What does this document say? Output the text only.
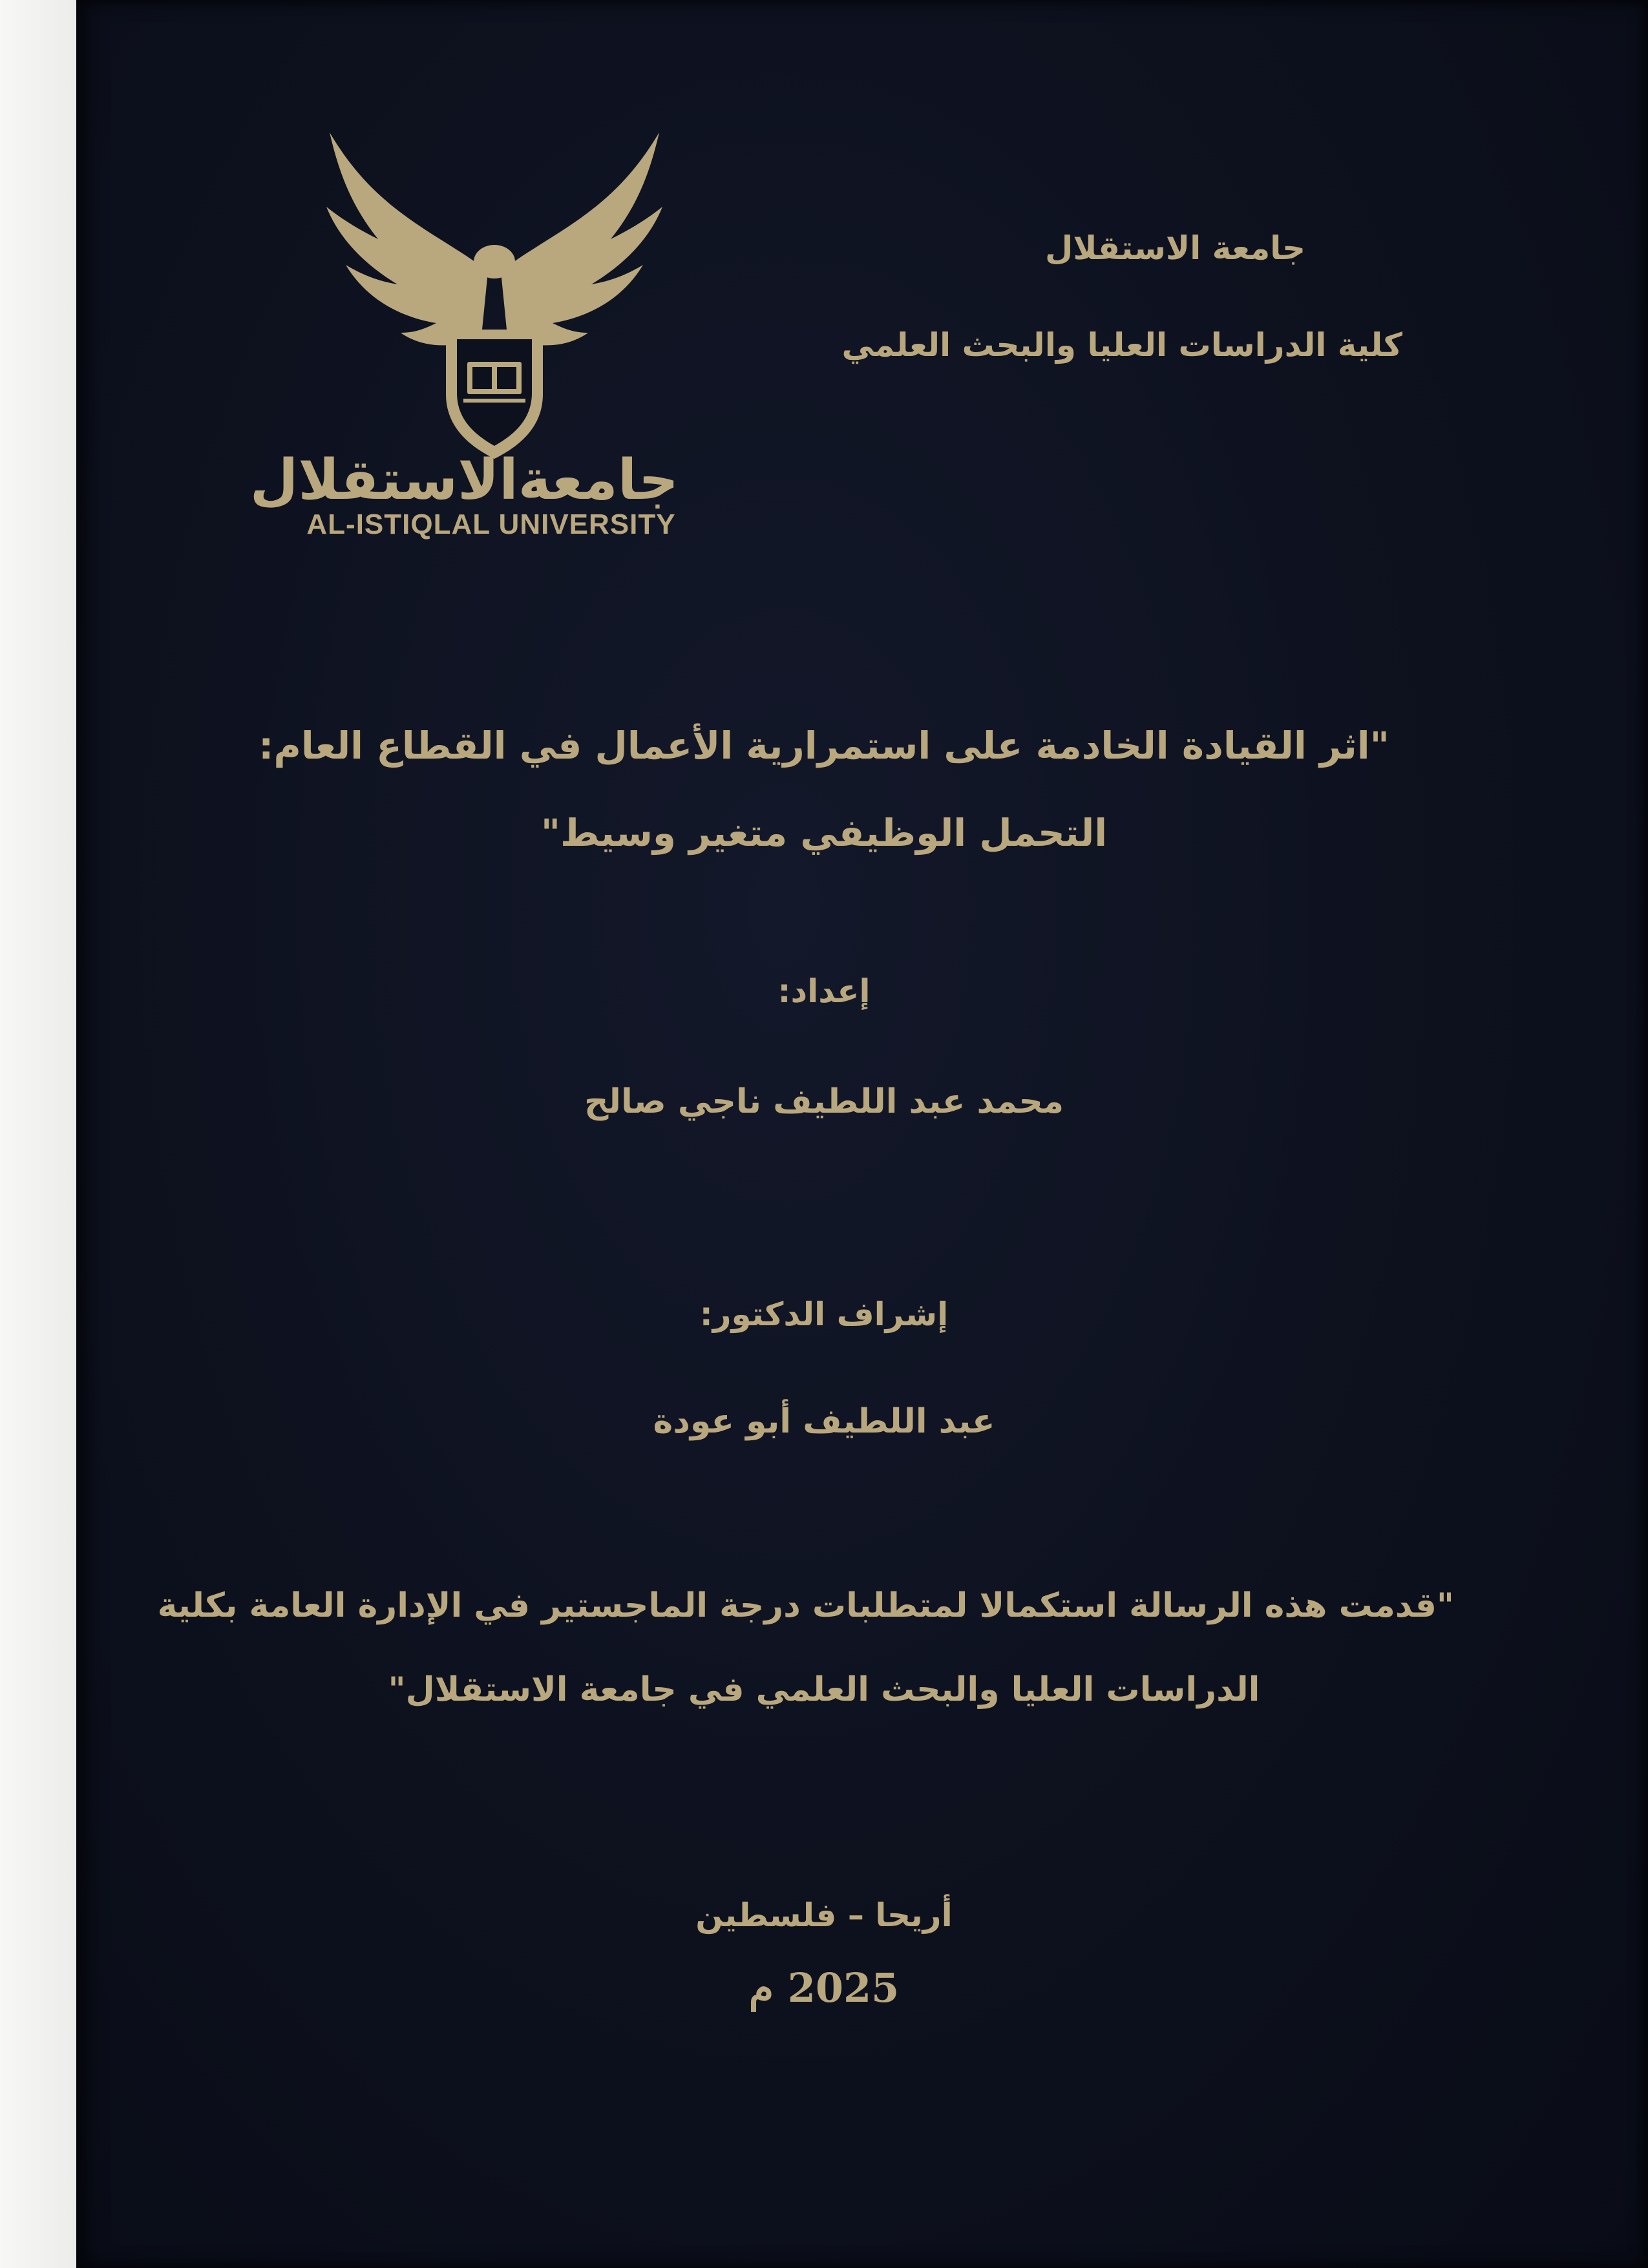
جامعةالاستقلال
AL-ISTIQLAL UNIVERSITY
جامعة الاستقلال
كلية الدراسات العليا والبحث العلمي
"اثر القيادة الخادمة على استمرارية الأعمال في القطاع العام:
التحمل الوظيفي متغير وسيط"
إعداد:
محمد عبد اللطيف ناجي صالح
إشراف الدكتور:
عبد اللطيف أبو عودة
"قدمت هذه الرسالة استكمالا لمتطلبات درجة الماجستير في الإدارة العامة بكلية
الدراسات العليا والبحث العلمي في جامعة الاستقلال"
أريحا – فلسطين
2025 م
